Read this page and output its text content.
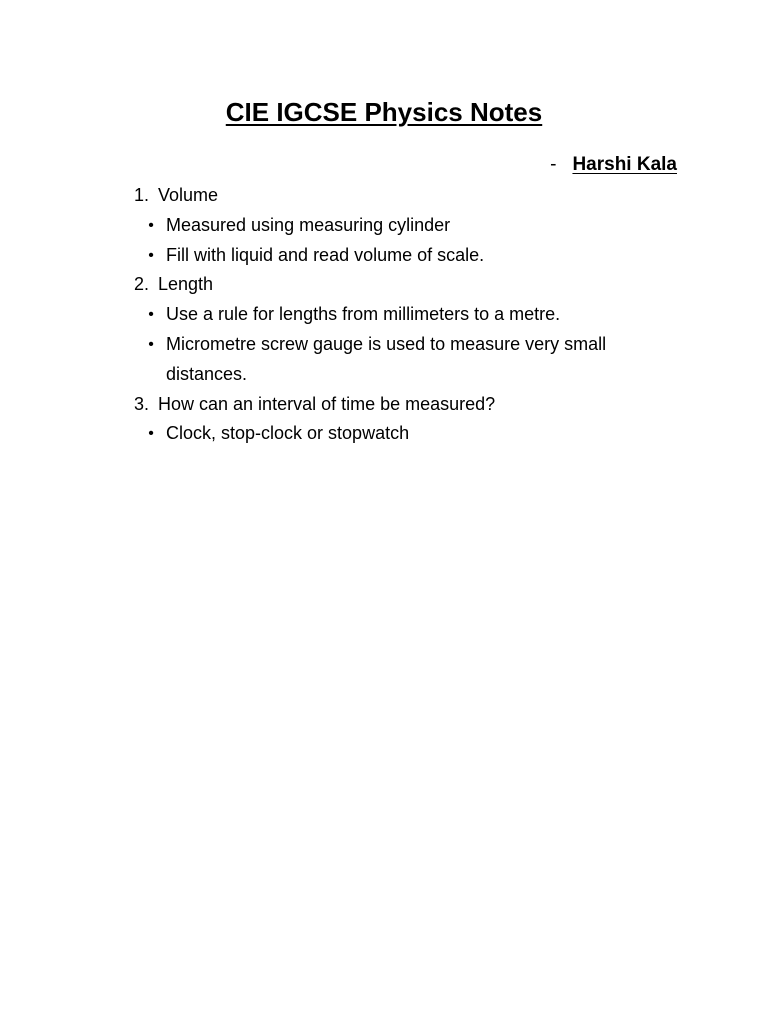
CIE IGCSE Physics Notes
- Harshi Kala
1. Volume
• Measured using measuring cylinder
• Fill with liquid and read volume of scale.
2. Length
• Use a rule for lengths from millimeters to a metre.
• Micrometre screw gauge is used to measure very small distances.
3. How can an interval of time be measured?
• Clock, stop-clock or stopwatch
